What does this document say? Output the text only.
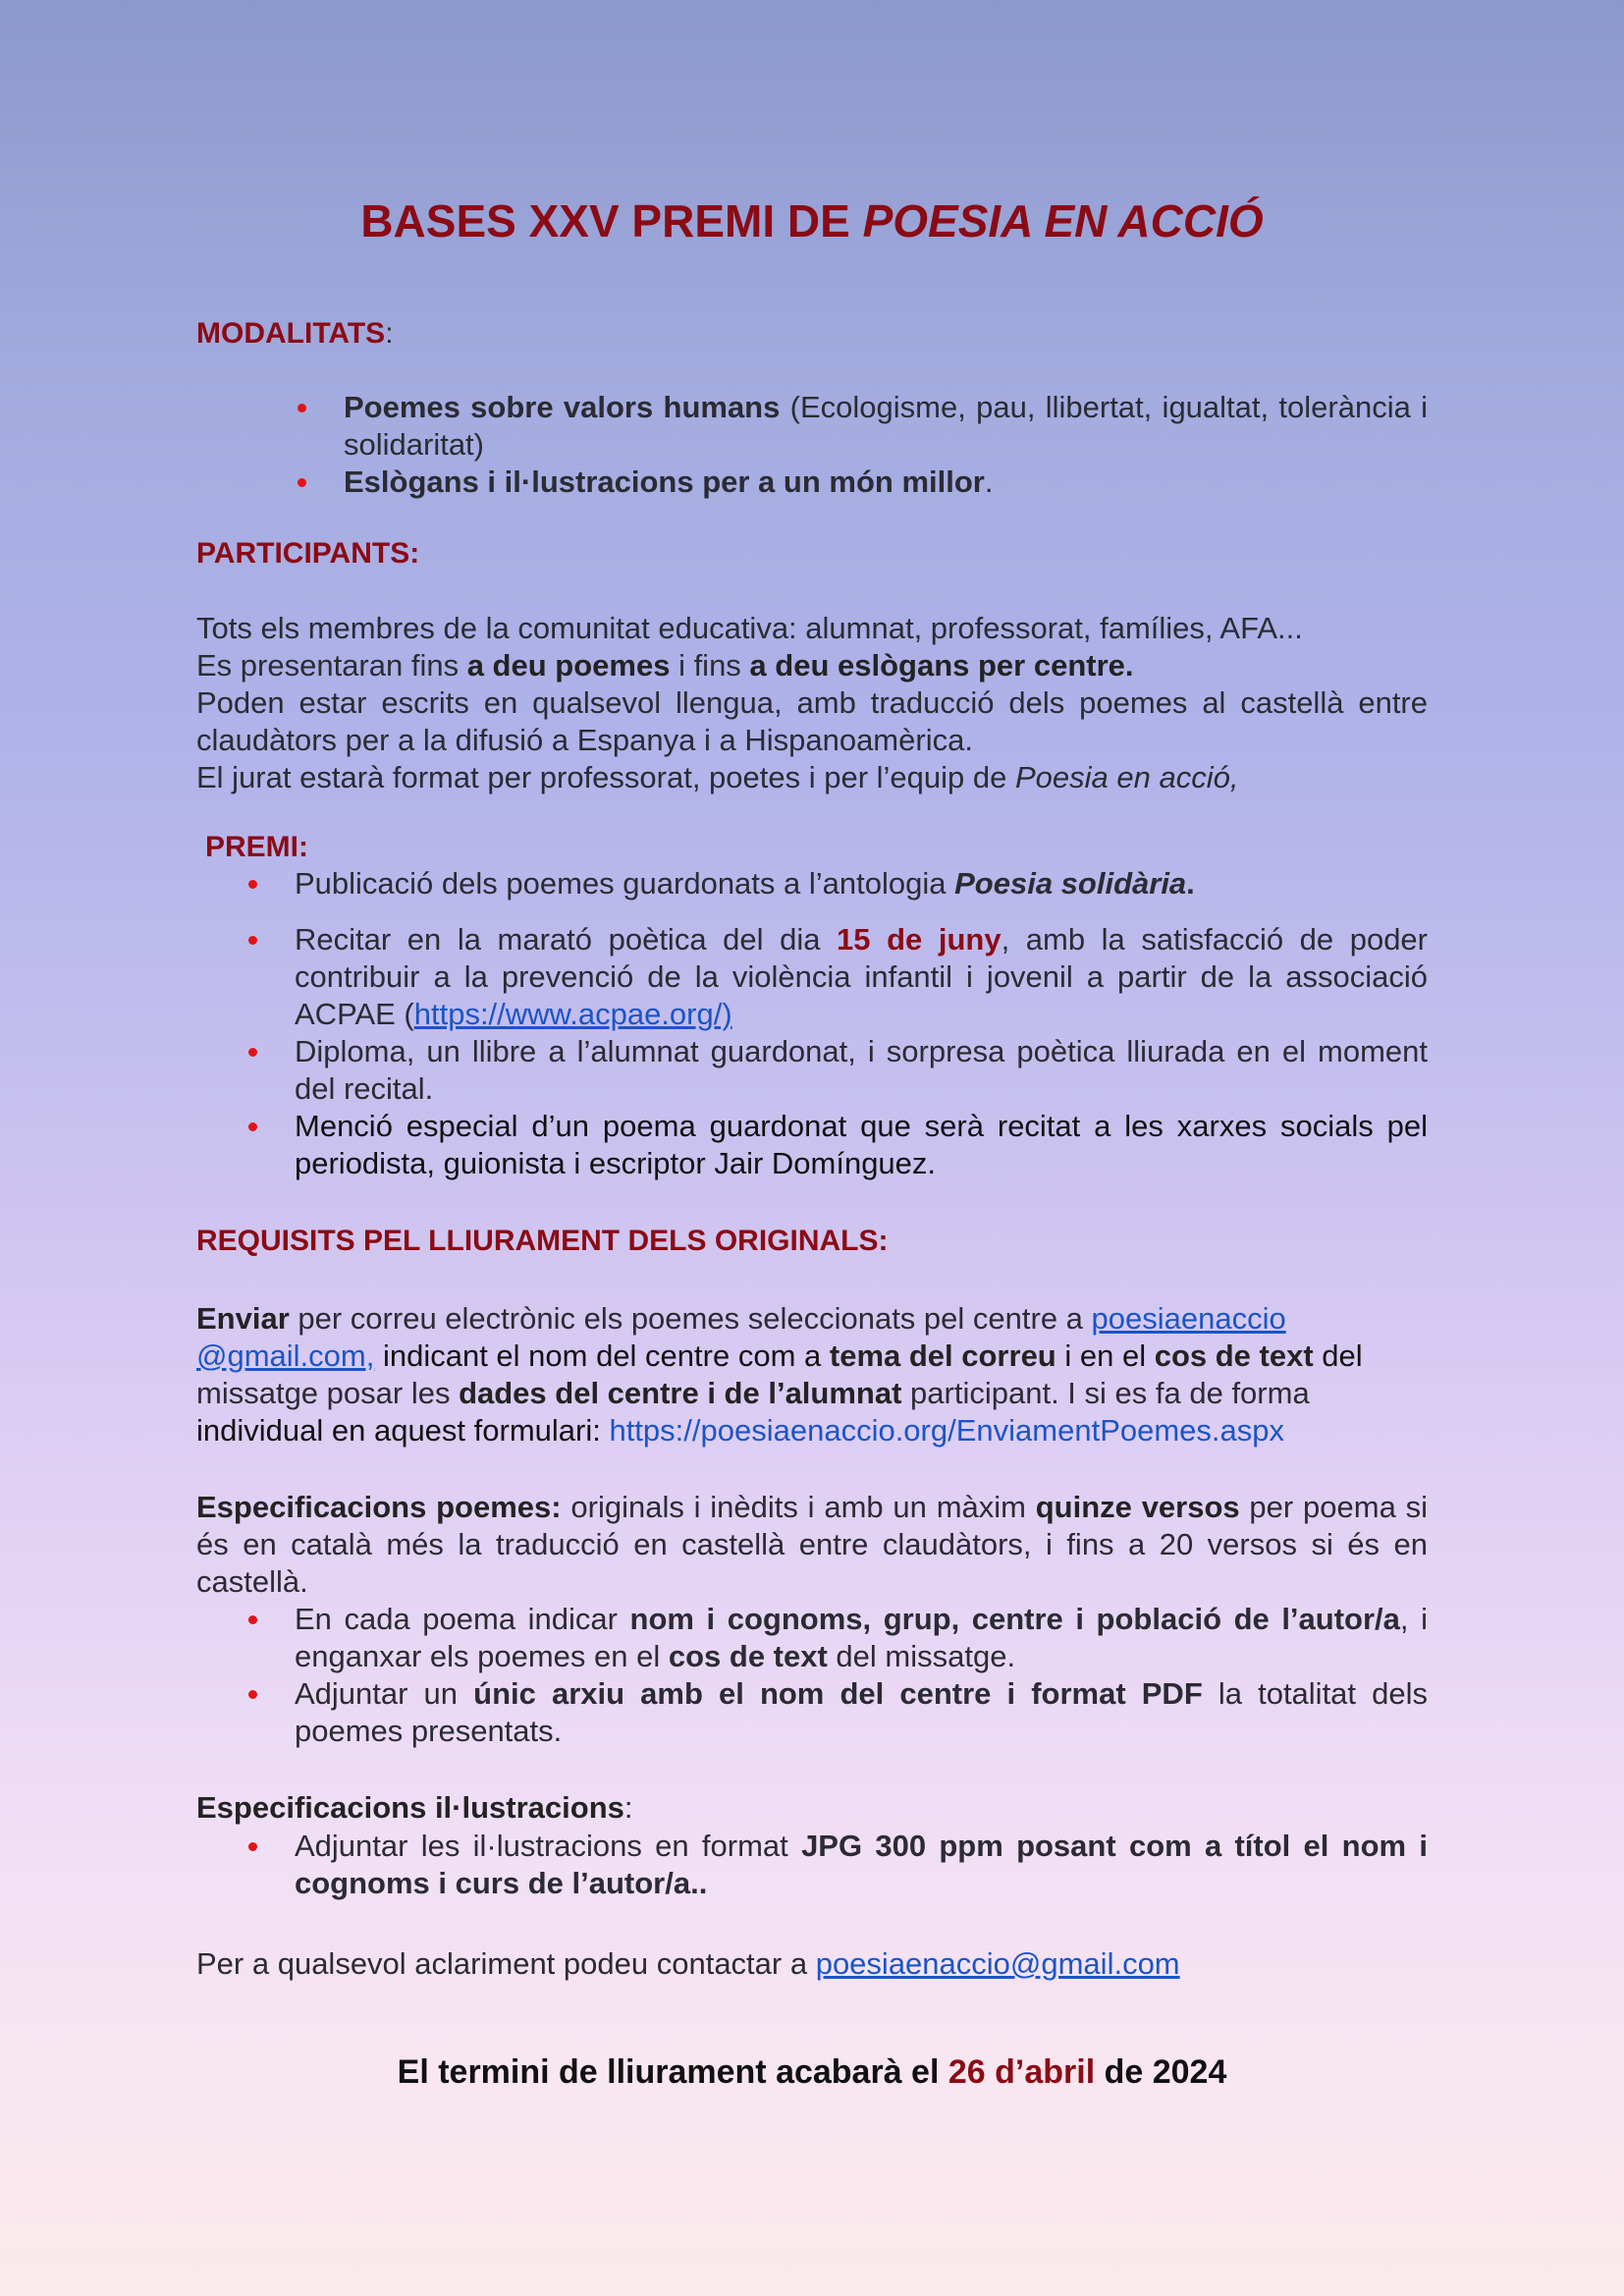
BASES XXV PREMI DE POESIA EN ACCIÓ
MODALITATS:
Poemes sobre valors humans (Ecologisme, pau, llibertat, igualtat, tolerància i solidaritat)
Eslògans i il·lustracions per a un món millor.
PARTICIPANTS:

Tots els membres de la comunitat educativa: alumnat, professorat, famílies, AFA...

Es presentaran fins a deu poemes i fins a deu eslògans per centre.

Poden estar escrits en qualsevol llengua, amb traducció dels poemes al castellà entre claudàtors per a la difusió a Espanya i a Hispanoamèrica.

El jurat estarà format per professorat, poetes i per l’equip de Poesia en acció,

PREMI:
Publicació dels poemes guardonats a l’antologia Poesia solidària.
Recitar en la marató poètica del dia 15 de juny, amb la satisfacció de poder contribuir a la prevenció de la violència infantil i jovenil a partir de la associació ACPAE (https://www.acpae.org/)
Diploma, un llibre a l’alumnat guardonat, i sorpresa poètica lliurada en el moment del recital.
Menció especial d’un poema guardonat que serà recitat a les xarxes socials pel periodista, guionista i escriptor Jair Domínguez.
REQUISITS PEL LLIURAMENT DELS ORIGINALS:

Enviar per correu electrònic els poemes seleccionats pel centre a poesiaenaccio

@gmail.com, indicant el nom del centre com a tema del correu i en el cos de text del

missatge posar les dades del centre i de l’alumnat participant. I si es fa de forma

individual en aquest formulari: https://poesiaenaccio.org/EnviamentPoemes.aspx

Especificacions poemes: originals i inèdits i amb un màxim quinze versos per poema si és en català més la traducció en castellà entre claudàtors, i fins a 20 versos si és en castellà.

En cada poema indicar nom i cognoms, grup, centre i població de l’autor/a, i enganxar els poemes en el cos de text del missatge.
Adjuntar un únic arxiu amb el nom del centre i format PDF la totalitat dels poemes presentats.

Especificacions il·lustracions:

Adjuntar les il·lustracions en format JPG 300 ppm posant com a títol el nom i cognoms i curs de l’autor/a..

Per a qualsevol aclariment podeu contactar a poesiaenaccio@gmail.com

El termini de lliurament acabarà el 26 d’abril de 2024
